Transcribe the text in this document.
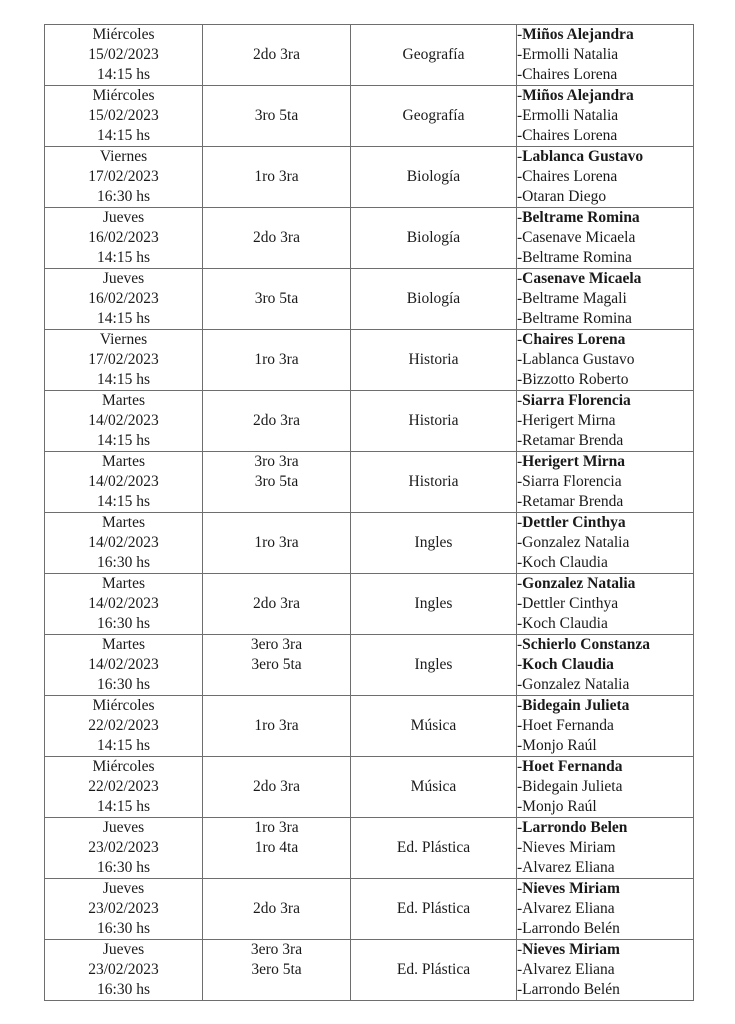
Miércoles
15/02/2023
14:15 hs	2do 3ra	Geografía	-Miños Alejandra
-Ermolli Natalia
-Chaires Lorena

Miércoles
15/02/2023
14:15 hs	3ro 5ta	Geografía	-Miños Alejandra
-Ermolli Natalia
-Chaires Lorena

Viernes
17/02/2023
16:30 hs	1ro 3ra	Biología	-Lablanca Gustavo
-Chaires Lorena
-Otaran Diego

Jueves
16/02/2023
14:15 hs	2do 3ra	Biología	-Beltrame Romina
-Casenave Micaela
-Beltrame Romina

Jueves
16/02/2023
14:15 hs	3ro 5ta	Biología	-Casenave Micaela
-Beltrame Magali
-Beltrame Romina

Viernes
17/02/2023
14:15 hs	1ro 3ra	Historia	-Chaires Lorena
-Lablanca Gustavo
-Bizzotto Roberto

Martes
14/02/2023
14:15 hs	2do 3ra	Historia	-Siarra Florencia
-Herigert Mirna
-Retamar Brenda

Martes
14/02/2023
14:15 hs	3ro 3ra
3ro 5ta	Historia	-Herigert Mirna
-Siarra Florencia
-Retamar Brenda

Martes
14/02/2023
16:30 hs	1ro 3ra	Ingles	-Dettler Cinthya
-Gonzalez Natalia
-Koch Claudia

Martes
14/02/2023
16:30 hs	2do 3ra	Ingles	-Gonzalez Natalia
-Dettler Cinthya
-Koch Claudia

Martes
14/02/2023
16:30 hs	3ero 3ra
3ero 5ta	Ingles	-Schierlo Constanza
-Koch Claudia
-Gonzalez Natalia

Miércoles
22/02/2023
14:15 hs	1ro 3ra	Música	-Bidegain Julieta
-Hoet Fernanda
-Monjo Raúl

Miércoles
22/02/2023
14:15 hs	2do 3ra	Música	-Hoet Fernanda
-Bidegain Julieta
-Monjo Raúl

Jueves
23/02/2023
16:30 hs	1ro 3ra
1ro 4ta	Ed. Plástica	-Larrondo Belen
-Nieves Miriam
-Alvarez Eliana

Jueves
23/02/2023
16:30 hs	2do 3ra	Ed. Plástica	-Nieves Miriam
-Alvarez Eliana
-Larrondo Belén

Jueves
23/02/2023
16:30 hs	3ero 3ra
3ero 5ta	Ed. Plástica	-Nieves Miriam
-Alvarez Eliana
-Larrondo Belén
